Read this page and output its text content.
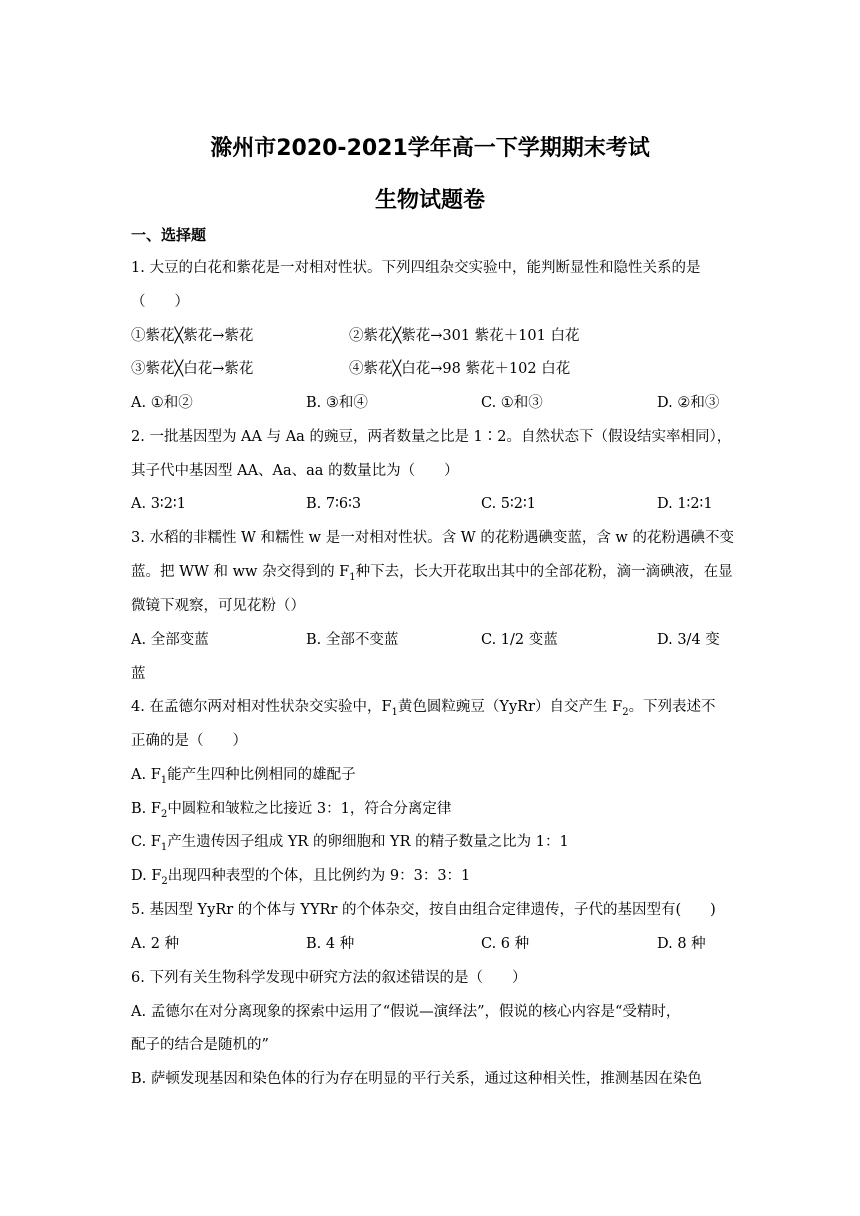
滁州市2020-2021学年高一下学期期末考试
生物试题卷
一、选择题
1. 大豆的白花和紫花是一对相对性状。下列四组杂交实验中，能判断显性和隐性关系的是
（　　）
①紫花╳紫花→紫花	②紫花╳紫花→301 紫花＋101 白花
③紫花╳白花→紫花	④紫花╳白花→98 紫花＋102 白花
A. ①和②	B. ③和④	C. ①和③	D. ②和③
2. 一批基因型为 AA 与 Aa 的豌豆，两者数量之比是 1∶2。自然状态下（假设结实率相同），
其子代中基因型 AA、Aa、aa 的数量比为（　　）
A. 3∶2∶1	B. 7∶6∶3	C. 5∶2∶1	D. 1∶2∶1
3. 水稻的非糯性 W 和糯性 w 是一对相对性状。含 W 的花粉遇碘变蓝，含 w 的花粉遇碘不变
蓝。把 WW 和 ww 杂交得到的 $F_1$种下去，长大开花取出其中的全部花粉，滴一滴碘液，在显
微镜下观察，可见花粉（）
A. 全部变蓝	B. 全部不变蓝	C. 1/2 变蓝	D. 3/4 变
蓝
4. 在孟德尔两对相对性状杂交实验中，$F_1$黄色圆粒豌豆（YyRr）自交产生 $F_2$。下列表述不
正确的是（　　）
A. $F_1$能产生四种比例相同的雄配子
B. $F_2$中圆粒和皱粒之比接近 3：1，符合分离定律
C. $F_1$产生遗传因子组成 YR 的卵细胞和 YR 的精子数量之比为 1：1
D. $F_2$出现四种表型的个体，且比例约为 9：3：3：1
5. 基因型 YyRr 的个体与 YYRr 的个体杂交，按自由组合定律遗传，子代的基因型有(　　)
A. 2 种	B. 4 种	C. 6 种	D. 8 种
6. 下列有关生物科学发现中研究方法的叙述错误的是（　　）
A. 孟德尔在对分离现象的探索中运用了“假说—演绎法”，假说的核心内容是“受精时，
配子的结合是随机的”
B. 萨顿发现基因和染色体的行为存在明显的平行关系，通过这种相关性，推测基因在染色
